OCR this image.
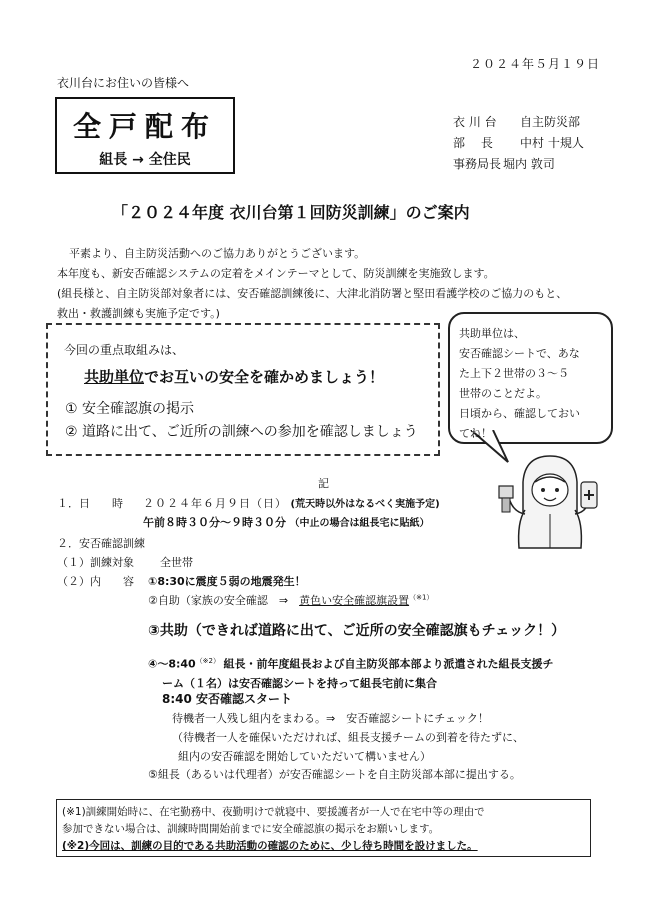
２０２４年５月１９日
衣川台にお住いの皆様へ
全戸配布
組長 → 全住民
衣 川 台 自主防災部
部　 長 中村 十規人
事務局長 堀内 敦司
「２０２４年度 衣川台第１回防災訓練」のご案内
平素より、自主防災活動へのご協力ありがとうございます。
本年度も、新安否確認システムの定着をメインテーマとして、防災訓練を実施致します。
(組長様と、自主防災部対象者には、安否確認訓練後に、大津北消防署と堅田看護学校のご協力のもと、
救出・救護訓練も実施予定です。)
今回の重点取組みは、
共助単位でお互いの安全を確かめましょう！
① 安全確認旗の掲示
② 道路に出て、ご近所の訓練への参加を確認しましょう
共助単位は、
安否確認シートで、あな
た上下２世帯の３～５
世帯のことだよ。
日頃から、確認しておい
てね！
記
１．日　　時 ２０２４年６月９日（日） (荒天時以外はなるべく実施予定)
午前８時３０分～９時３０分 （中止の場合は組長宅に貼紙）
２．安否確認訓練
（１）訓練対象 全世帯
（２）内　　容 ①8:30に震度５弱の地震発生！
②自助（家族の安全確認　⇒　黄色い安全確認旗設置$^{(※1)}$
③共助（できれば道路に出て、ご近所の安全確認旗もチェック！）
$④\sim 8:40^{(※2)}$ 組長・前年度組長および自主防災部本部より派遣された組長支援チ
ーム（１名）は安否確認シートを持って組長宅前に集合
8:40 安否確認スタート
待機者一人残し組内をまわる。⇒　安否確認シートにチェック！
（待機者一人を確保いただければ、組長支援チームの到着を待たずに、
組内の安否確認を開始していただいて構いません）
⑤組長（あるいは代理者）が安否確認シートを自主防災部本部に提出する。
(※1)訓練開始時に、在宅勤務中、夜勤明けで就寝中、要援護者が一人で在宅中等の理由で
参加できない場合は、訓練時間開始前までに安全確認旗の掲示をお願いします。
(※2)今回は、訓練の目的である共助活動の確認のために、少し待ち時間を設けました。
